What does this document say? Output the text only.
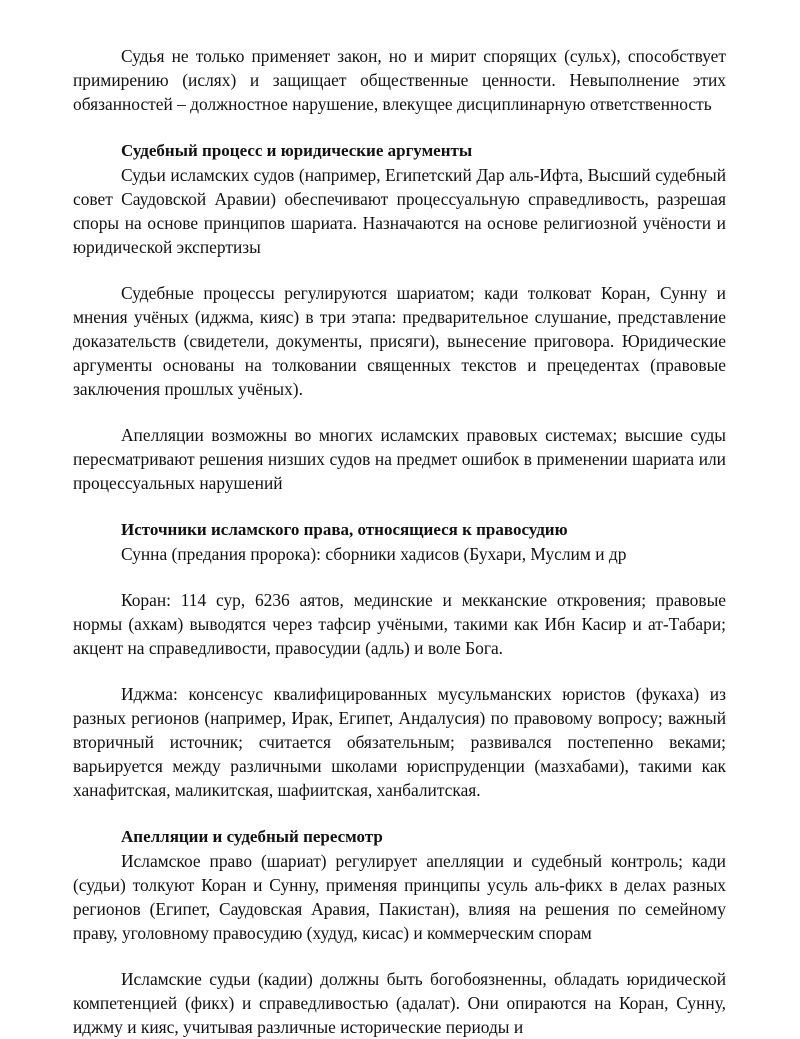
Судья не только применяет закон, но и мирит спорящих (сульх), способствует примирению (ислях) и защищает общественные ценности. Невыполнение этих обязанностей – должностное нарушение, влекущее дисциплинарную ответственность

Судебный процесс и юридические аргументы

Судьи исламских судов (например, Египетский Дар аль-Ифта, Высший судебный совет Саудовской Аравии) обеспечивают процессуальную справедливость, разрешая споры на основе принципов шариата. Назначаются на основе религиозной учёности и юридической экспертизы

Судебные процессы регулируются шариатом; кади толковат Коран, Сунну и мнения учёных (иджма, кияс) в три этапа: предварительное слушание, представление доказательств (свидетели, документы, присяги), вынесение приговора. Юридические аргументы основаны на толковании священных текстов и прецедентах (правовые заключения прошлых учёных).

Апелляции возможны во многих исламских правовых системах; высшие суды пересматривают решения низших судов на предмет ошибок в применении шариата или процессуальных нарушений

Источники исламского права, относящиеся к правосудию

Сунна (предания пророка): сборники хадисов (Бухари, Муслим и др

Коран: 114 сур, 6236 аятов, мединские и мекканские откровения; правовые нормы (ахкам) выводятся через тафсир учёными, такими как Ибн Касир и ат-Табари; акцент на справедливости, правосудии (адль) и воле Бога.

Иджма: консенсус квалифицированных мусульманских юристов (фукаха) из разных регионов (например, Ирак, Египет, Андалусия) по правовому вопросу; важный вторичный источник; считается обязательным; развивался постепенно веками; варьируется между различными школами юриспруденции (мазхабами), такими как ханафитская, маликитская, шафиитская, ханбалитская.

Апелляции и судебный пересмотр

Исламское право (шариат) регулирует апелляции и судебный контроль; кади (судьи) толкуют Коран и Сунну, применяя принципы усуль аль-фикх в делах разных регионов (Египет, Саудовская Аравия, Пакистан), влияя на решения по семейному праву, уголовному правосудию (худуд, кисас) и коммерческим спорам

Исламские судьи (кадии) должны быть богобоязненны, обладать юридической компетенцией (фикх) и справедливостью (адалат). Они опираются на Коран, Сунну, иджму и кияс, учитывая различные исторические периоды и
